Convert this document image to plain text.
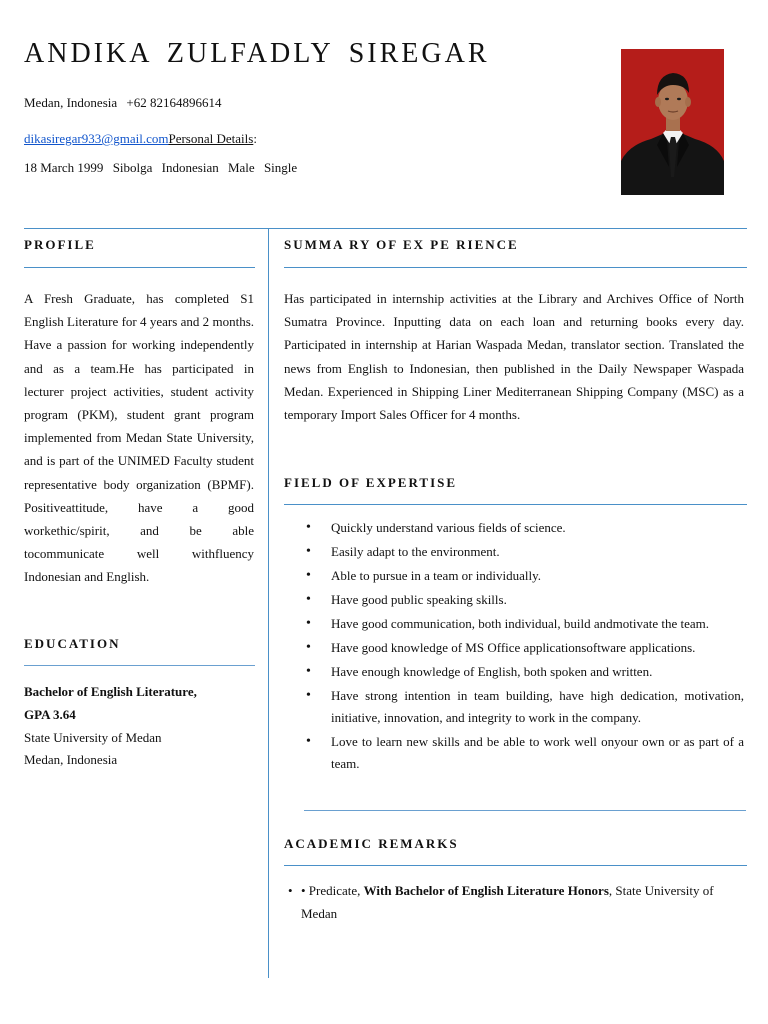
ANDIKA ZULFADLY SIREGAR
Medan, Indonesia +62 82164896614
dikasiregar933@gmail.comPersonal Details:
18 March 1999 Sibolga Indonesian Male Single
PROFILE

A Fresh Graduate, has completed S1 English Literature for 4 years and 2 months. Have a passion for working independently and as a team.He has participated in lecturer project activities, student activity program (PKM), student grant program implemented from Medan State University, and is part of the UNIMED Faculty student representative body organization (BPMF). Positiveattitude, have a good workethic/spirit, and be able tocommunicate well withfluency Indonesian and English.

EDUCATION
Bachelor of English Literature,
GPA 3.64
State University of Medan
Medan, Indonesia
SUMMA RY OF EX PE RIENCE

Has participated in internship activities at the Library and Archives Office of North Sumatra Province. Inputting data on each loan and returning books every day. Participated in internship at Harian Waspada Medan, translator section. Translated the news from English to Indonesian, then published in the Daily Newspaper Waspada Medan. Experienced in Shipping Liner Mediterranean Shipping Company (MSC) as a temporary Import Sales Officer for 4 months.

FIELD OF EXPERTISE
• Quickly understand various fields of science.
• Easily adapt to the environment.
• Able to pursue in a team or individually.
• Have good public speaking skills.
• Have good communication, both individual, build andmotivate the team.
• Have good knowledge of MS Office applicationsoftware applications.
• Have enough knowledge of English, both spoken and written.
• Have strong intention in team building, have high dedication, motivation, initiative, innovation, and integrity to work in the company.
• Love to learn new skills and be able to work well onyour own or as part of a team.
ACADEMIC REMARKS
• • Predicate, With Bachelor of English Literature Honors, State University of Medan
